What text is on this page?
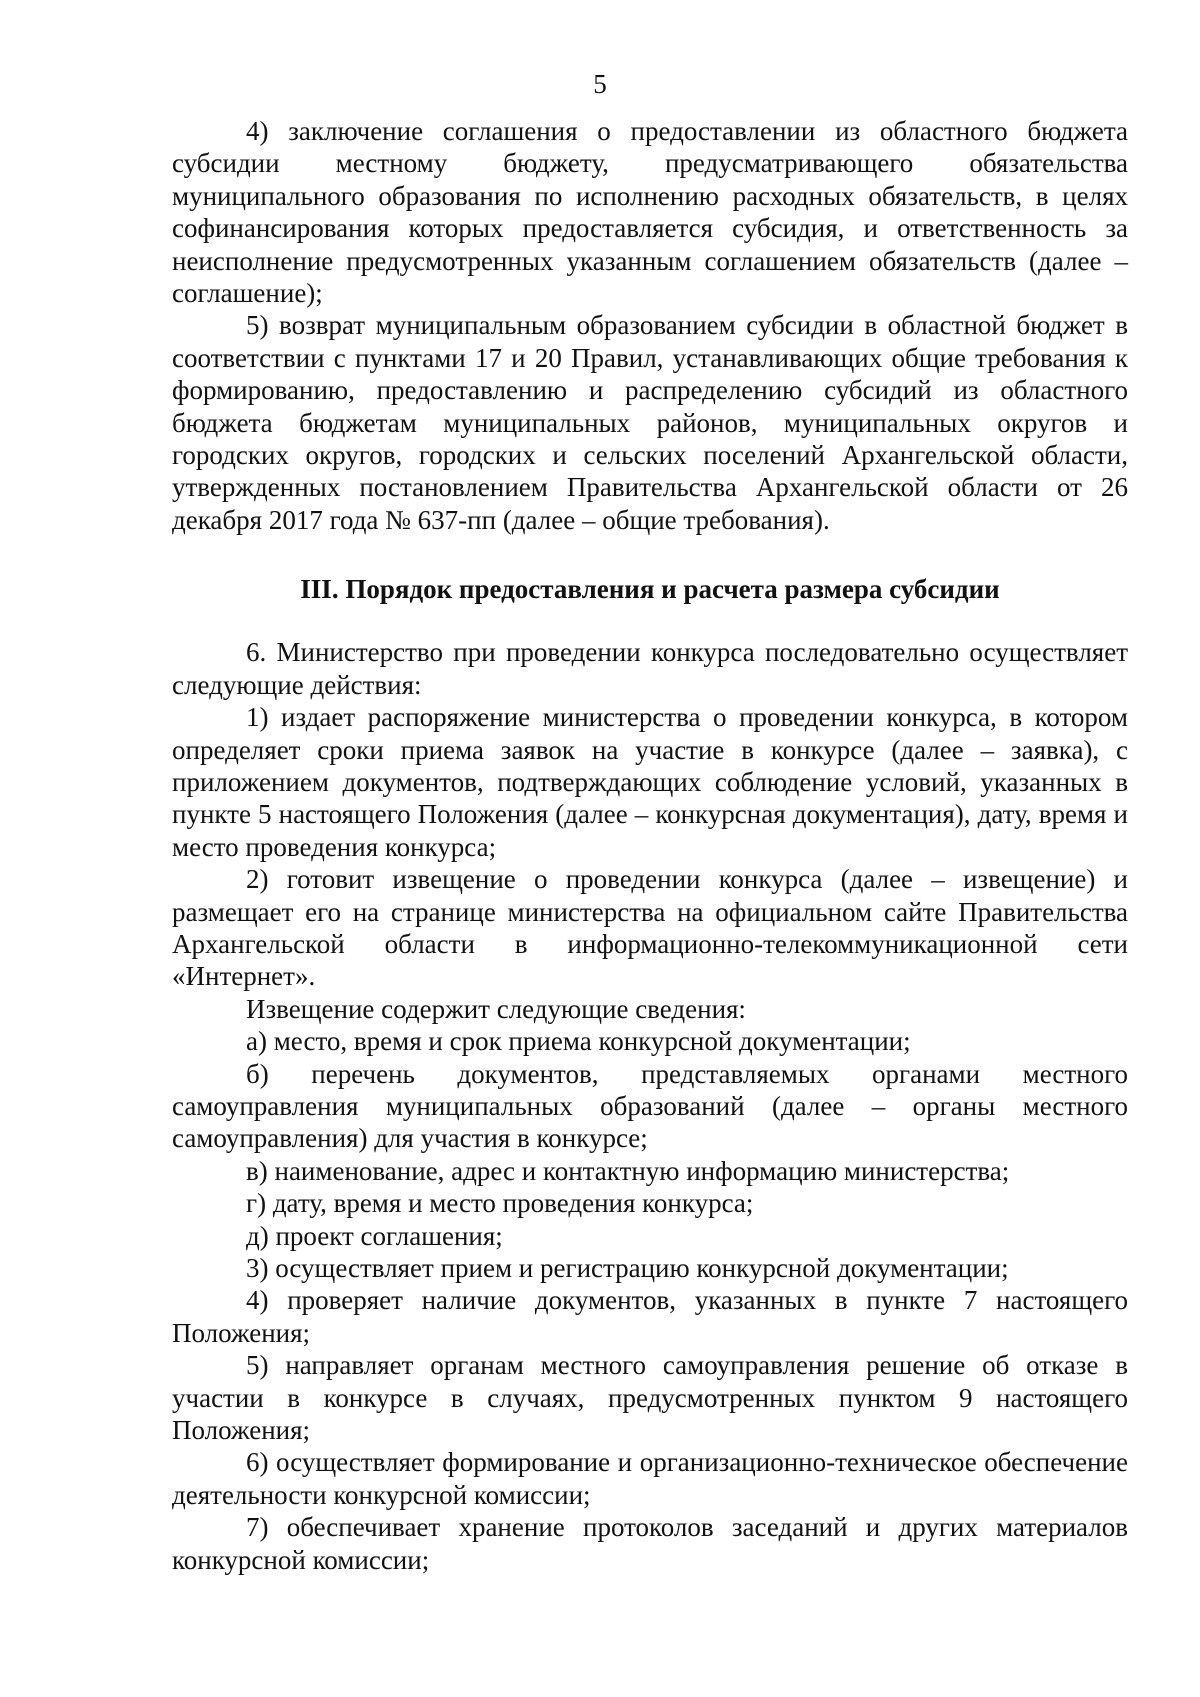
5

4) заключение соглашения о предоставлении из областного бюджета субсидии местному бюджету, предусматривающего обязательства муниципального образования по исполнению расходных обязательств, в целях софинансирования которых предоставляется субсидия, и ответственность за неисполнение предусмотренных указанным соглашением обязательств (далее – соглашение);

5) возврат муниципальным образованием субсидии в областной бюджет в соответствии с пунктами 17 и 20 Правил, устанавливающих общие требования к формированию, предоставлению и распределению субсидий из областного бюджета бюджетам муниципальных районов, муниципальных округов и городских округов, городских и сельских поселений Архангельской области, утвержденных постановлением Правительства Архангельской области от 26 декабря 2017 года № 637-пп (далее – общие требования).

III. Порядок предоставления и расчета размера субсидии

6. Министерство при проведении конкурса последовательно осуществляет следующие действия:

1) издает распоряжение министерства о проведении конкурса, в котором определяет сроки приема заявок на участие в конкурсе (далее – заявка), с приложением документов, подтверждающих соблюдение условий, указанных в пункте 5 настоящего Положения (далее – конкурсная документация), дату, время и место проведения конкурса;

2) готовит извещение о проведении конкурса (далее – извещение) и размещает его на странице министерства на официальном сайте Правительства Архангельской области в информационно-телекоммуникационной сети «Интернет».

Извещение содержит следующие сведения:

а) место, время и срок приема конкурсной документации;

б) перечень документов, представляемых органами местного самоуправления муниципальных образований (далее – органы местного самоуправления) для участия в конкурсе;

в) наименование, адрес и контактную информацию министерства;

г) дату, время и место проведения конкурса;

д) проект соглашения;

3) осуществляет прием и регистрацию конкурсной документации;

4) проверяет наличие документов, указанных в пункте 7 настоящего Положения;

5) направляет органам местного самоуправления решение об отказе в участии в конкурсе в случаях, предусмотренных пунктом 9 настоящего Положения;

6) осуществляет формирование и организационно-техническое обеспечение деятельности конкурсной комиссии;

7) обеспечивает хранение протоколов заседаний и других материалов конкурсной комиссии;
